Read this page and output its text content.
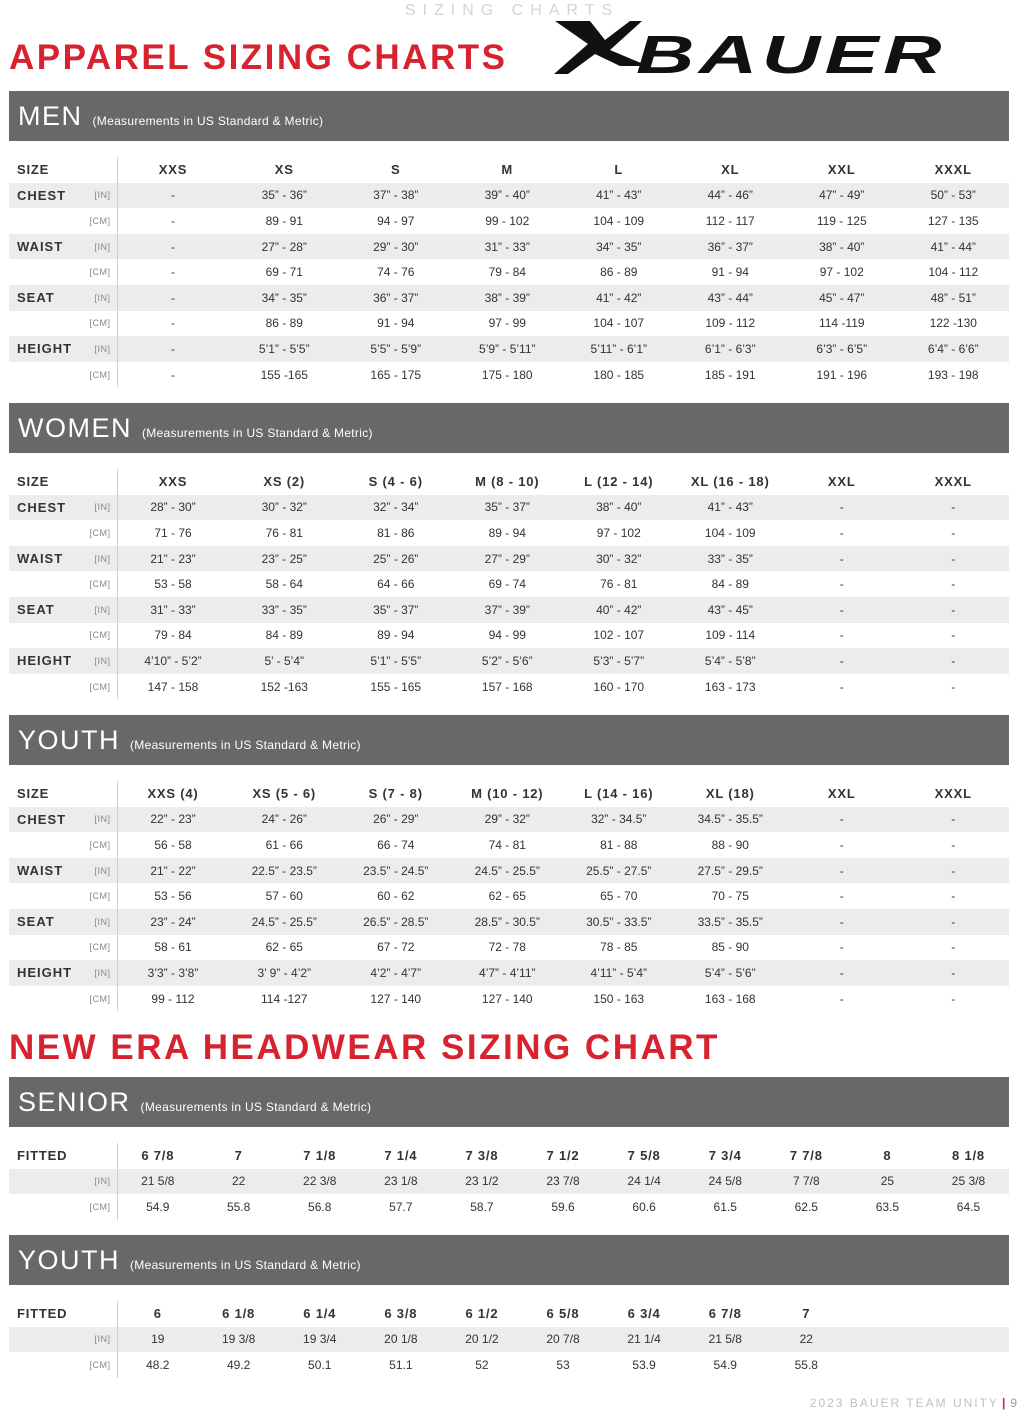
SIZING CHARTS
APPAREL SIZING CHARTS BAUER
MEN (Measurements in US Standard & Metric)
SIZE		XXS	XS	S	M	L	XL	XXL	XXXL
CHEST	[IN]	-	35” - 36”	37” - 38”	39” - 40”	41” - 43”	44” - 46”	47” - 49”	50” - 53”
	[CM]	-	89 - 91	94 - 97	99 - 102	104 - 109	112 - 117	119 - 125	127 - 135
WAIST	[IN]	-	27” - 28”	29” - 30”	31” - 33”	34” - 35”	36” - 37”	38” - 40”	41” - 44”
	[CM]	-	69 - 71	74 - 76	79 - 84	86 - 89	91 - 94	97 - 102	104 - 112
SEAT	[IN]	-	34” - 35”	36” - 37”	38” - 39”	41” - 42”	43” - 44”	45” - 47”	48” - 51”
	[CM]	-	86 - 89	91 - 94	97 - 99	104 - 107	109 - 112	114 -119	122 -130
HEIGHT	[IN]	-	5’1” - 5’5”	5’5” - 5’9”	5’9” - 5’11”	5’11” - 6’1”	6’1” - 6’3”	6’3” - 6’5”	6’4” - 6’6”
	[CM]	-	155 -165	165 - 175	175 - 180	180 - 185	185 - 191	191 - 196	193 - 198
WOMEN (Measurements in US Standard & Metric)
SIZE		XXS	XS (2)	S (4 - 6)	M (8 - 10)	L (12 - 14)	XL (16 - 18)	XXL	XXXL
CHEST	[IN]	28” - 30”	30” - 32”	32” - 34”	35” - 37”	38” - 40”	41” - 43”	-	-
	[CM]	71 - 76	76 - 81	81 - 86	89 - 94	97 - 102	104 - 109	-	-
WAIST	[IN]	21” - 23”	23” - 25”	25” - 26”	27” - 29”	30” - 32”	33” - 35”	-	-
	[CM]	53 - 58	58 - 64	64 - 66	69 - 74	76 - 81	84 - 89	-	-
SEAT	[IN]	31” - 33”	33” - 35”	35” - 37”	37” - 39”	40” - 42”	43” - 45”	-	-
	[CM]	79 - 84	84 - 89	89 - 94	94 - 99	102 - 107	109 - 114	-	-
HEIGHT	[IN]	4’10” - 5’2”	5’ - 5’4”	5’1” - 5’5”	5’2” - 5’6”	5’3” - 5’7”	5’4” - 5’8”	-	-
	[CM]	147 - 158	152 -163	155 - 165	157 - 168	160 - 170	163 - 173	-	-
YOUTH (Measurements in US Standard & Metric)
SIZE		XXS (4)	XS (5 - 6)	S (7 - 8)	M (10 - 12)	L (14 - 16)	XL (18)	XXL	XXXL
CHEST	[IN]	22” - 23”	24” - 26”	26” - 29”	29” - 32”	32” - 34.5”	34.5” - 35.5”	-	-
	[CM]	56 - 58	61 - 66	66 - 74	74 - 81	81 - 88	88 - 90	-	-
WAIST	[IN]	21” - 22”	22.5” - 23.5”	23.5” - 24.5”	24.5” - 25.5”	25.5” - 27.5”	27.5” - 29.5”	-	-
	[CM]	53 - 56	57 - 60	60 - 62	62 - 65	65 - 70	70 - 75	-	-
SEAT	[IN]	23” - 24”	24.5” - 25.5”	26.5” - 28.5”	28.5” - 30.5”	30.5” - 33.5”	33.5” - 35.5”	-	-
	[CM]	58 - 61	62 - 65	67 - 72	72 - 78	78 - 85	85 - 90	-	-
HEIGHT	[IN]	3’3” - 3’8”	3’ 9” - 4’2”	4’2” - 4’7”	4’7” - 4’11”	4’11” - 5’4”	5’4” - 5’6”	-	-
	[CM]	99 - 112	114 -127	127 - 140	127 - 140	150 - 163	163 - 168	-	-
NEW ERA HEADWEAR SIZING CHART
SENIOR (Measurements in US Standard & Metric)
FITTED		6 7/8	7	7 1/8	7 1/4	7 3/8	7 1/2	7 5/8	7 3/4	7 7/8	8	8 1/8
	[IN]	21 5/8	22	22 3/8	23 1/8	23 1/2	23 7/8	24 1/4	24 5/8	7 7/8	25	25 3/8
	[CM]	54.9	55.8	56.8	57.7	58.7	59.6	60.6	61.5	62.5	63.5	64.5
YOUTH (Measurements in US Standard & Metric)
FITTED		6	6 1/8	6 1/4	6 3/8	6 1/2	6 5/8	6 3/4	6 7/8	7		
	[IN]	19	19 3/8	19 3/4	20 1/8	20 1/2	20 7/8	21 1/4	21 5/8	22		
	[CM]	48.2	49.2	50.1	51.1	52	53	53.9	54.9	55.8		
2023 BAUER TEAM UNITY | 9
